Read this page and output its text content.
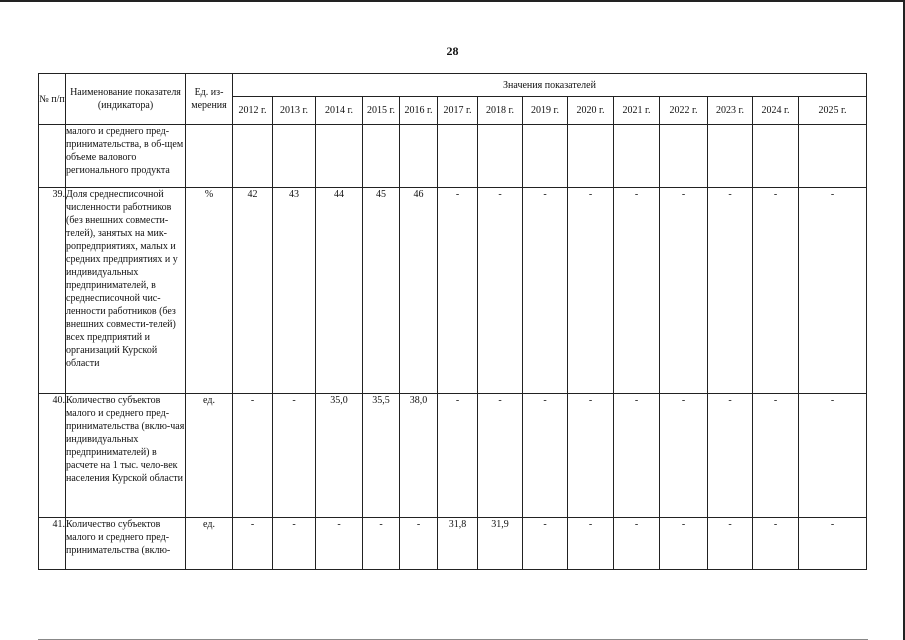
28
№ п/п	Наименование показателя (индикатора)	Ед. из-мерения	Значения показателей													
			2012 г.	2013 г.	2014 г.	2015 г.	2016 г.	2017 г.	2018 г.	2019 г.	2020 г.	2021 г.	2022 г.	2023 г.	2024 г.	2025 г.
	малого и среднего пред-принимательства, в об-щем объеме валового регионального продукта															
39.	Доля среднесписочной численности работников (без внешних совмести-телей), занятых на мик-ропредприятиях, малых и средних предприятиях и у индивидуальных предпринимателей, в среднесписочной чис-ленности работников (без внешних совмести-телей) всех предприятий и организаций Курской области	%	42	43	44	45	46	-	-	-	-	-	-	-	-	-
40.	Количество субъектов малого и среднего пред-принимательства (вклю-чая индивидуальных предпринимателей) в расчете на 1 тыс. чело-век населения Курской области	ед.	-	-	35,0	35,5	38,0	-	-	-	-	-	-	-	-	-
41.	Количество субъектов малого и среднего пред-принимательства (вклю-	ед.	-	-	-	-	-	31,8	31,9	-	-	-	-	-	-	-
